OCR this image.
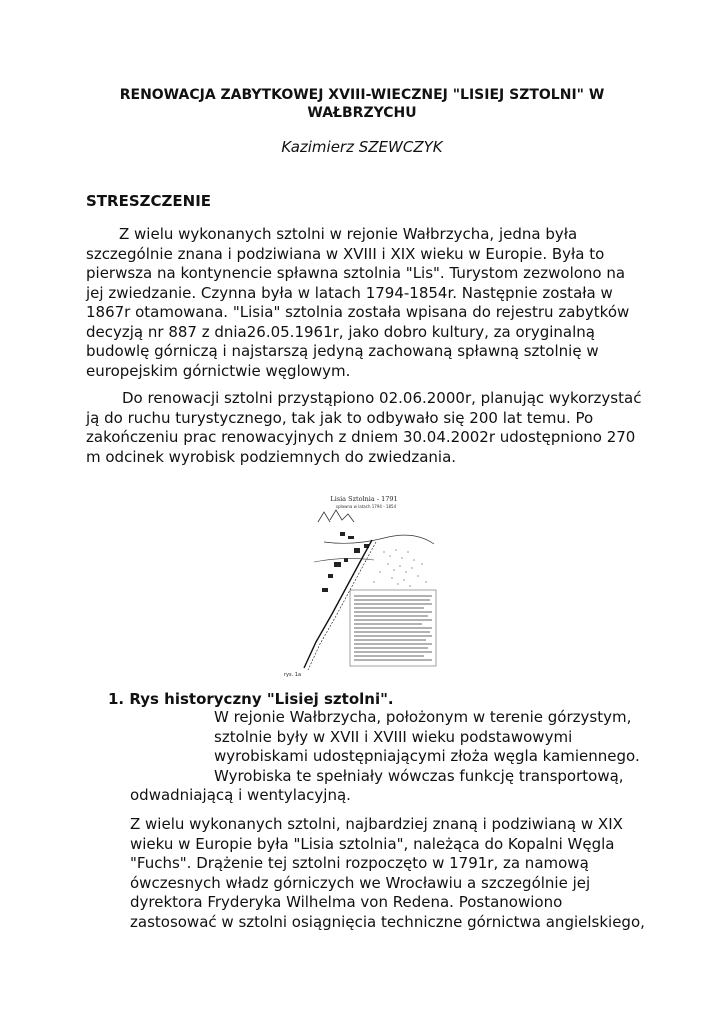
RENOWACJA ZABYTKOWEJ XVIII-WIECZNEJ "LISIEJ SZTOLNI" W
WAŁBRZYCHU
Kazimierz SZEWCZYK
STRESZCZENIE
Z wielu wykonanych sztolni w rejonie Wałbrzycha, jedna była
szczególnie znana i podziwiana w XVIII i XIX wieku w Europie. Była to
pierwsza na kontynencie spławna sztolnia "Lis". Turystom zezwolono na
jej zwiedzanie. Czynna była w latach 1794-1854r. Następnie została w
1867r otamowana. "Lisia" sztolnia została wpisana do rejestru zabytków
decyzją nr 887 z dnia26.05.1961r, jako dobro kultury, za oryginalną
budowlę górniczą i najstarszą jedyną zachowaną spławną sztolnię w
europejskim górnictwie węglowym.
Do renowacji sztolni przystąpiono 02.06.2000r, planując wykorzystać
ją do ruchu turystycznego, tak jak to odbywało się 200 lat temu. Po
zakończeniu prac renowacyjnych z dniem 30.04.2002r udostępniono 270
m odcinek wyrobisk podziemnych do zwiedzania.
Lisia Sztolnia - 1791
spławna w latach 1794 - 1854
rys. 1a
1. Rys historyczny "Lisiej sztolni".
W rejonie Wałbrzycha, położonym w terenie górzystym,
sztolnie były w XVII i XVIII wieku podstawowymi
wyrobiskami udostępniającymi złoża węgla kamiennego.
Wyrobiska te spełniały wówczas funkcję transportową,
odwadniającą i wentylacyjną.
Z wielu wykonanych sztolni, najbardziej znaną i podziwianą w XIX
wieku w Europie była "Lisia sztolnia", należąca do Kopalni Węgla
"Fuchs". Drążenie tej sztolni rozpoczęto w 1791r, za namową
ówczesnych władz górniczych we Wrocławiu a szczególnie jej
dyrektora Fryderyka Wilhelma von Redena. Postanowiono
zastosować w sztolni osiągnięcia techniczne górnictwa angielskiego,
